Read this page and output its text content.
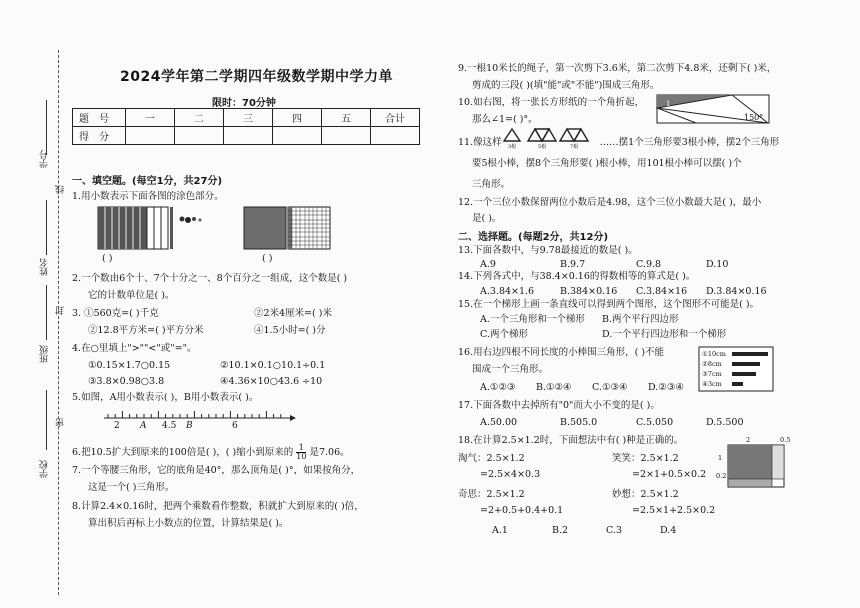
学号
线
姓名
封
班级
密
学校
2024学年第二学期四年级数学期中学力单
限时：70分钟
题号	一	二	三	四	五	合计
得分						
一、填空题。(每空1分，共27分)
1.用小数表示下面各图的涂色部分。
( )	( )
2.一个数由6个十、7个十分之一、8个百分之一组成，这个数是( )
它的计数单位是( )。
3. ①560克=( )千克	②2米4厘米=( )米
②12.8平方米=( )平方分米	④1.5小时=( )分
4.在○里填上">""<"或"="。
①0.15×1.7○0.15	②10.1×0.1○10.1÷0.1
③3.8×0.98○3.8	④4.36×10○43.6 ÷10
5.如图，A用小数表示( )，B用小数表示( )。
2 A 4.5 B	6
6.把10.5扩大到原来的100倍是( )，( )缩小到原来的 $\frac{1}{10}$ 是7.06。
7.一个等腰三角形，它的底角是40°，那么顶角是( )°，如果按角分，
这是一个( )三角形。
8.计算2.4×0.16时，把两个乘数看作整数，积就扩大到原来的( )倍，
算出积后再标上小数点的位置，计算结果是( )。
9.一根10米长的绳子，第一次剪下3.6米，第二次剪下4.8米，还剩下( )米，
剪成的三段( )(填"能"或"不能")围成三角形。
10.如右图，将一张长方形纸的一个角折起，
那么∠1=( )°。
1
150°
11.像这样	……摆1个三角形要3根小棒，摆2个三角形
3根	5根	7根
要5根小棒，摆8个三角形要( )根小棒，用101根小棒可以摆( )个
三角形。
12.一个三位小数保留两位小数后是4.98，这个三位小数最大是( )，最小
是( )。
二、选择题。(每题2分，共12分)
13.下面各数中，与9.78最接近的数是( )。
A.9	B.9.7	C.9.8	D.10
14.下列各式中，与38.4×0.16的得数相等的算式是( )。
A.3.84×1.6	B.384×0.16 C.3.84×16 D.3.84×0.16
15.在一个梯形上画一条直线可以得到两个图形，这个图形不可能是( )。
A.一个三角形和一个梯形 B.两个平行四边形
C.两个梯形	D.一个平行四边形和一个梯形
16.用右边四根不同长度的小棒围三角形，( )不能
围成一个三角形。
A.①②③ B.①②④ C.①③④ D.②③④
①10cm
②8cm
③7cm
④3cm
17.下面各数中去掉所有"0"而大小不变的是( )。
A.50.00	B.505.0	C.5.050	D.5.500
18.在计算2.5×1.2时，下面想法中有( )种是正确的。	2	0.5
1
0.2
淘气：2.5×1.2
=2.5×4×0.3
笑笑：2.5×1.2
=2×1+0.5×0.2
奇思：2.5×1.2
=2+0.5+0.4+0.1
妙想：2.5×1.2
=2.5×1+2.5×0.2
A.1	B.2	C.3	D.4
